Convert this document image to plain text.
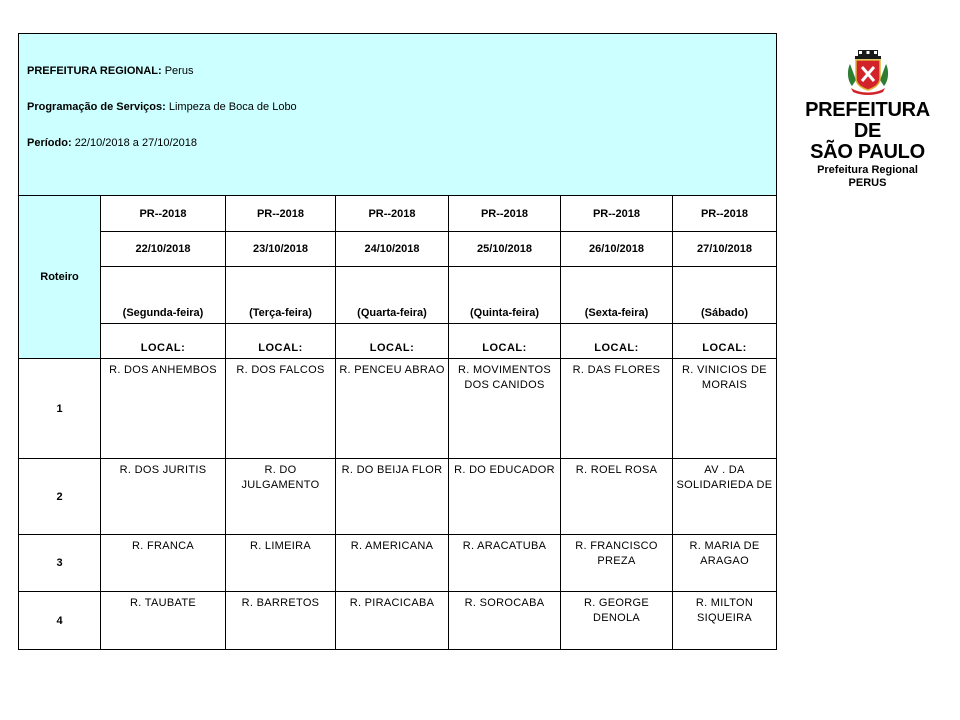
PREFEITURA REGIONAL: Perus
Programação de Serviços: Limpeza de Boca de Lobo
Período: 22/10/2018 a 27/10/2018						

Roteiro	PR--2018	PR--2018	PR--2018	PR--2018	PR--2018	PR--2018
	22/10/2018	23/10/2018	24/10/2018	25/10/2018	26/10/2018	27/10/2018
	(Segunda-feira)	(Terça-feira)	(Quarta-feira)	(Quinta-feira)	(Sexta-feira)	(Sábado)
	LOCAL:	LOCAL:	LOCAL:	LOCAL:	LOCAL:	LOCAL:
1	R. DOS ANHEMBOS	R. DOS FALCOS	R. PENCEU ABRAO	R. MOVIMENTOS DOS CANIDOS	R. DAS FLORES	R. VINICIOS DE MORAIS
2	R. DOS JURITIS	R. DO JULGAMENTO	R. DO BEIJA FLOR	R. DO EDUCADOR	R. ROEL ROSA	AV . DA SOLIDARIEDA DE
3	R. FRANCA	R. LIMEIRA	R. AMERICANA	R. ARACATUBA	R. FRANCISCO PREZA	R. MARIA DE ARAGAO
4	R. TAUBATE	R. BARRETOS	R. PIRACICABA	R. SOROCABA	R. GEORGE DENOLA	R. MILTON SIQUEIRA
PREFEITURA DE
SÃO PAULO
Prefeitura Regional
PERUS
